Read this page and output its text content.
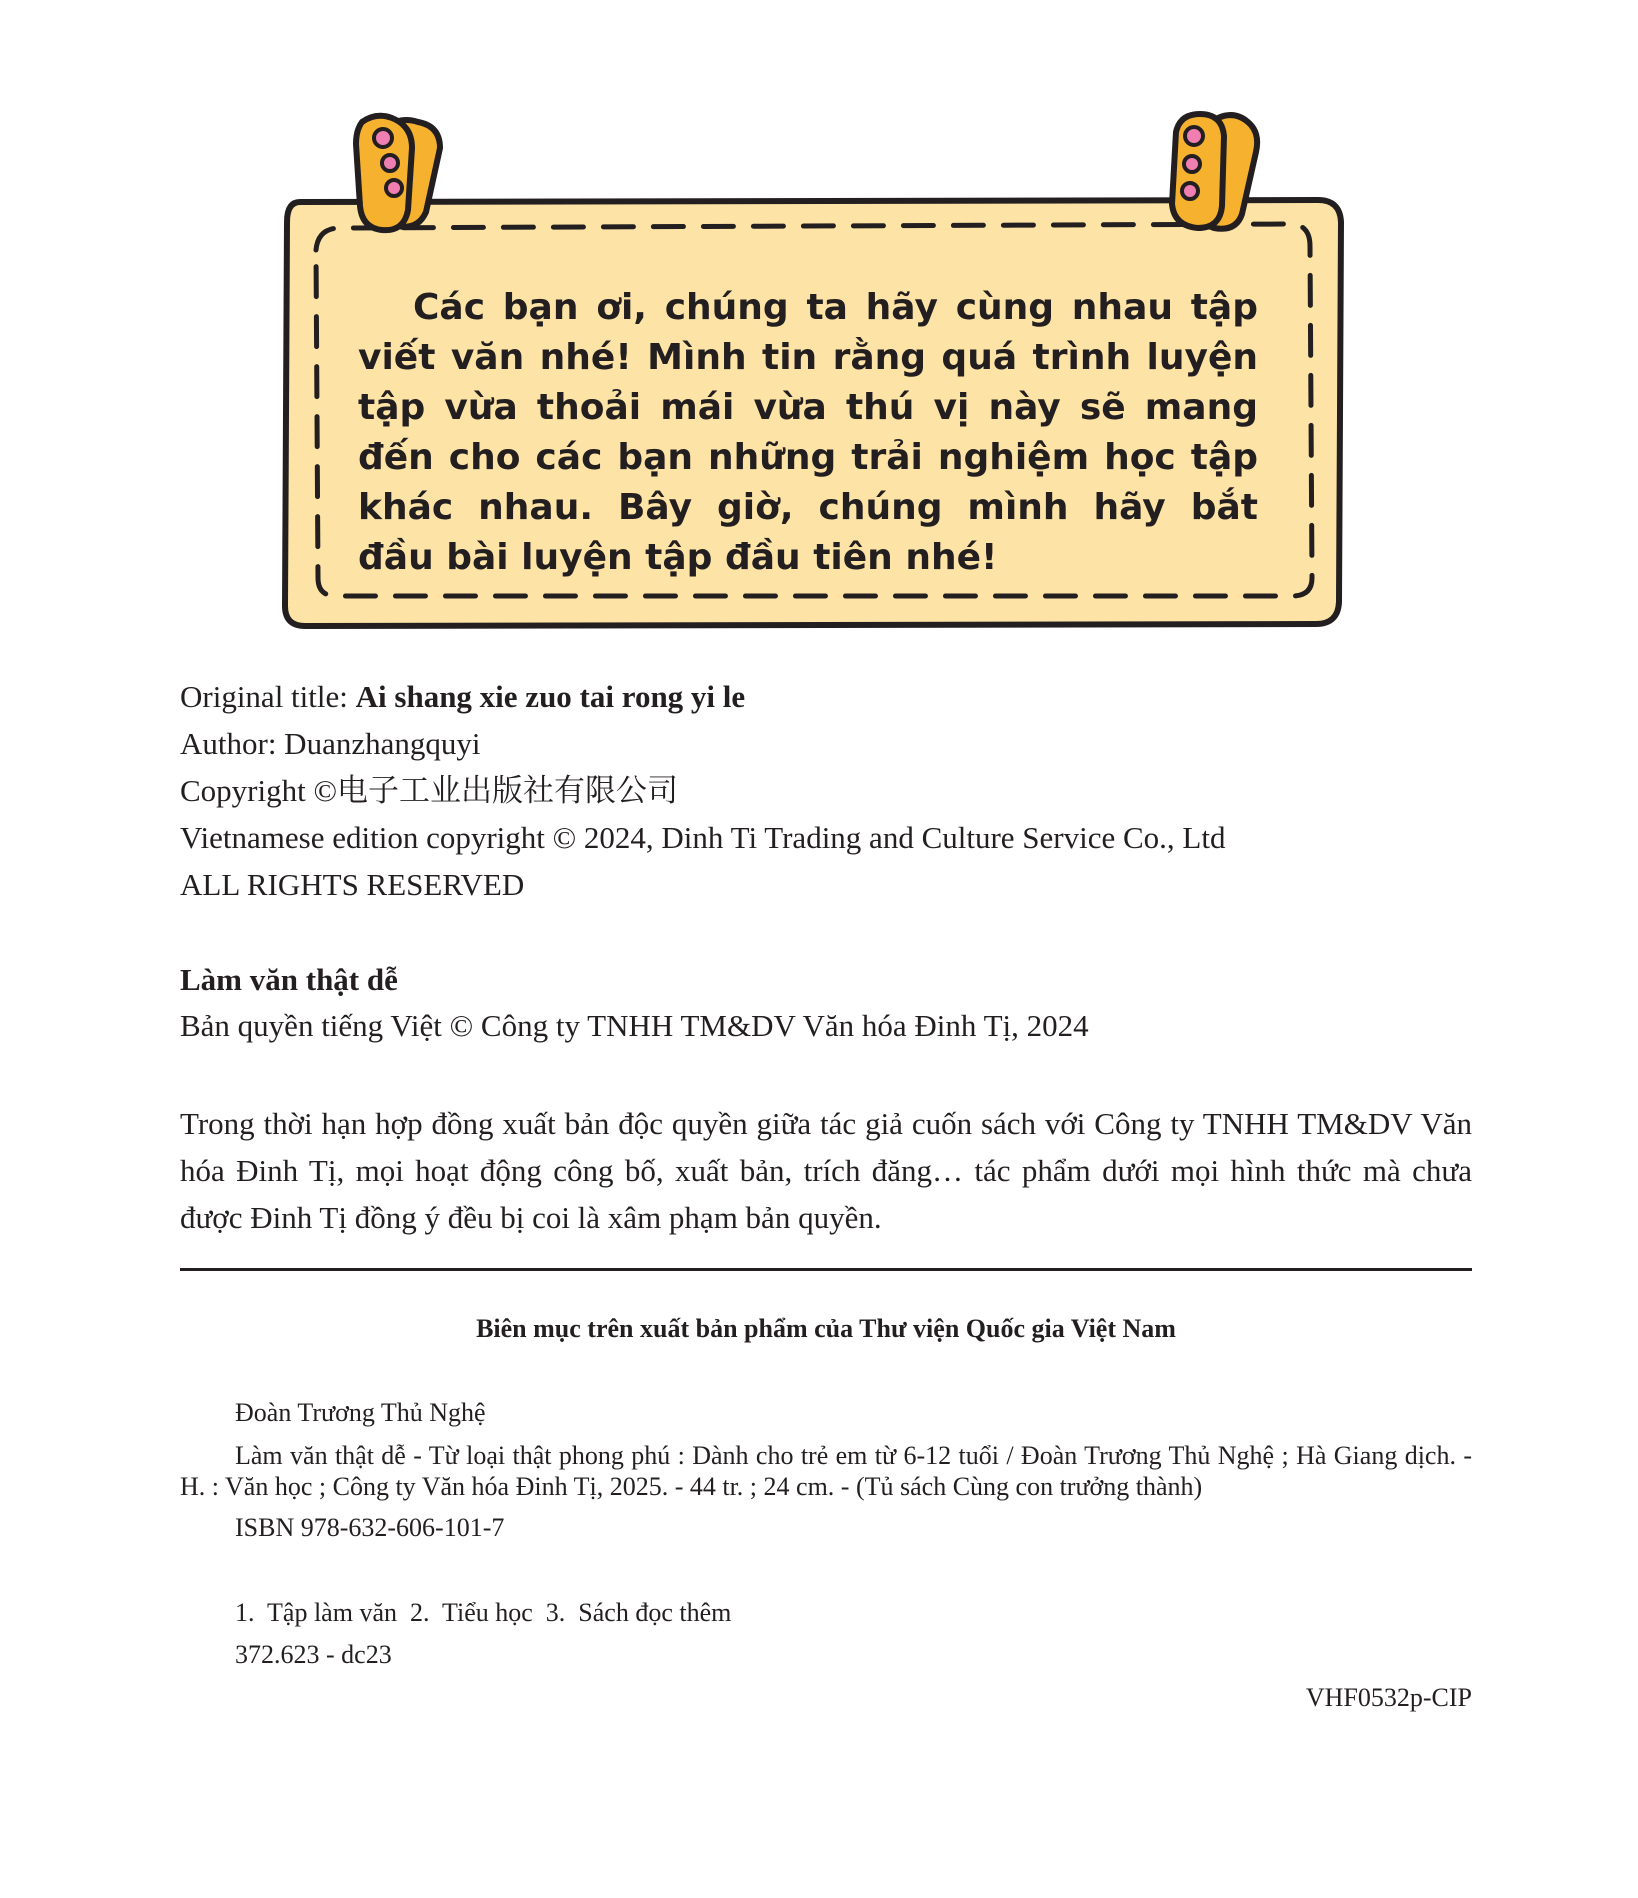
Các bạn ơi, chúng ta hãy cùng nhau tập viết văn nhé! Mình tin rằng quá trình luyện tập vừa thoải mái vừa thú vị này sẽ mang đến cho các bạn những trải nghiệm học tập khác nhau. Bây giờ, chúng mình hãy bắt đầu bài luyện tập đầu tiên nhé!

Original title: Ai shang xie zuo tai rong yi le

Author: Duanzhangquyi

Copyright ©电子工业出版社有限公司

Vietnamese edition copyright © 2024, Dinh Ti Trading and Culture Service Co., Ltd

ALL RIGHTS RESERVED

Làm văn thật dễ

Bản quyền tiếng Việt © Công ty TNHH TM&DV Văn hóa Đinh Tị, 2024

Trong thời hạn hợp đồng xuất bản độc quyền giữa tác giả cuốn sách với Công ty TNHH TM&DV Văn hóa Đinh Tị, mọi hoạt động công bố, xuất bản, trích đăng… tác phẩm dưới mọi hình thức mà chưa được Đinh Tị đồng ý đều bị coi là xâm phạm bản quyền.

Biên mục trên xuất bản phẩm của Thư viện Quốc gia Việt Nam

Đoàn Trương Thủ Nghệ

Làm văn thật dễ - Từ loại thật phong phú : Dành cho trẻ em từ 6-12 tuổi / Đoàn Trương Thủ Nghệ ; Hà Giang dịch. - H. : Văn học ; Công ty Văn hóa Đinh Tị, 2025. - 44 tr. ; 24 cm. - (Tủ sách Cùng con trưởng thành)

ISBN 978-632-606-101-7

1.  Tập làm văn  2.  Tiểu học  3.  Sách đọc thêm

372.623 - dc23

VHF0532p-CIP
